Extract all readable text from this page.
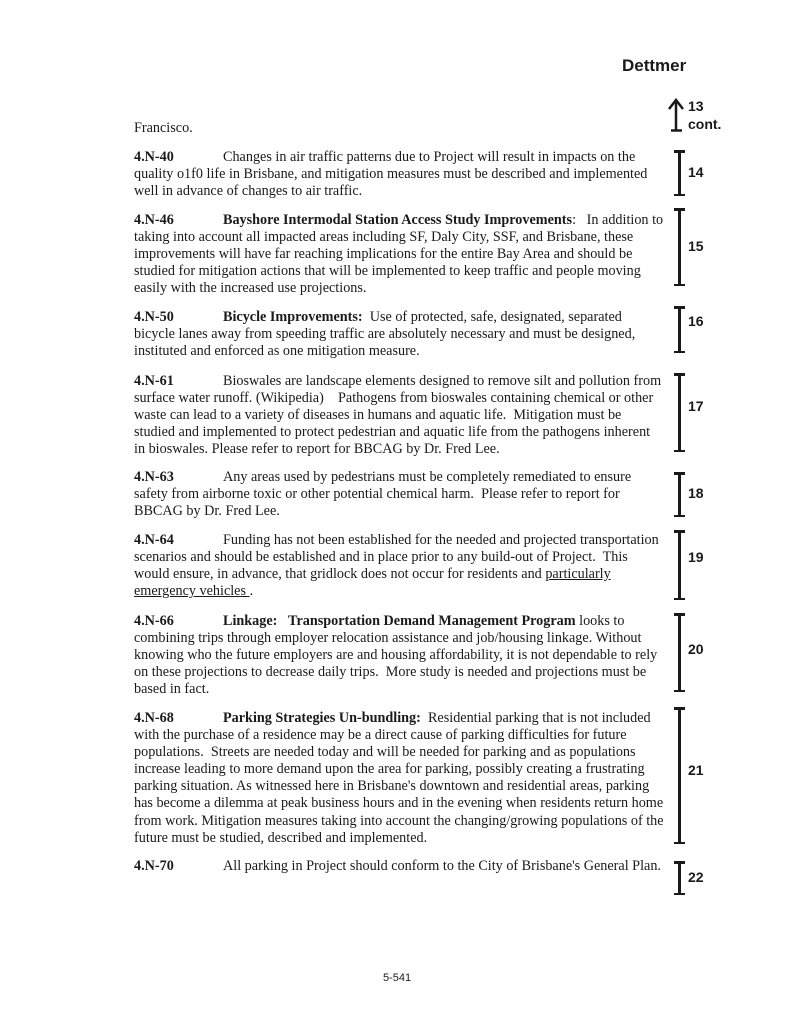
Dettmer
13
cont.
Francisco.
4.N-40	Changes in air traffic patterns due to Project will result in impacts on the quality o1f0 life in Brisbane, and mitigation measures must be described and implemented well in advance of changes to air traffic.
14
4.N-46	Bayshore Intermodal Station Access Study Improvements: In addition to taking into account all impacted areas including SF, Daly City, SSF, and Brisbane, these improvements will have far reaching implications for the entire Bay Area and should be studied for mitigation actions that will be implemented to keep traffic and people moving easily with the increased use projections.
15
4.N-50	Bicycle Improvements: Use of protected, safe, designated, separated bicycle lanes away from speeding traffic are absolutely necessary and must be designed, instituted and enforced as one mitigation measure.
16
4.N-61	Bioswales are landscape elements designed to remove silt and pollution from surface water runoff. (Wikipedia)    Pathogens from bioswales containing chemical or other waste can lead to a variety of diseases in humans and aquatic life.  Mitigation must be studied and implemented to protect pedestrian and aquatic life from the pathogens inherent in bioswales. Please refer to report for BBCAG by Dr. Fred Lee.
17
4.N-63	Any areas used by pedestrians must be completely remediated to ensure safety from airborne toxic or other potential chemical harm.  Please refer to report for BBCAG by Dr. Fred Lee.
18
4.N-64	Funding has not been established for the needed and projected transportation scenarios and should be established and in place prior to any build-out of Project.  This would ensure, in advance, that gridlock does not occur for residents and particularly emergency vehicles .
19
4.N-66	Linkage: Transportation Demand Management Program looks to combining trips through employer relocation assistance and job/housing linkage. Without knowing who the future employers are and housing affordability, it is not dependable to rely on these projections to decrease daily trips.  More study is needed and projections must be based in fact.
20
4.N-68	Parking Strategies Un-bundling: Residential parking that is not included with the purchase of a residence may be a direct cause of parking difficulties for future populations.  Streets are needed today and will be needed for parking and as populations increase leading to more demand upon the area for parking, possibly creating a frustrating parking situation. As witnessed here in Brisbane's downtown and residential areas, parking has become a dilemma at peak business hours and in the evening when residents return home from work. Mitigation measures taking into account the changing/growing populations of the future must be studied, described and implemented.
21
4.N-70	All parking in Project should conform to the City of Brisbane's General Plan.
22
5-541
